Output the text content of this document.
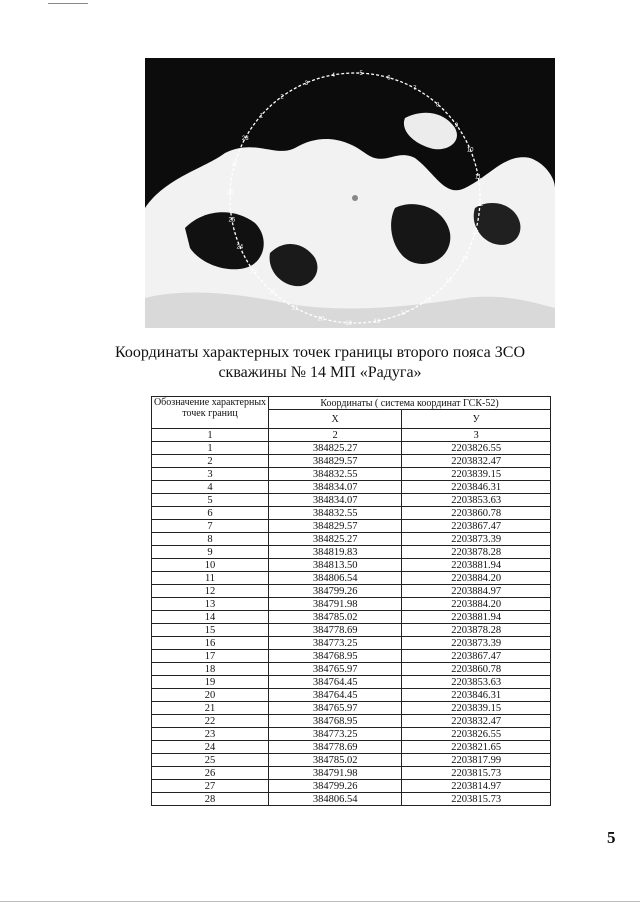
4	5
6
7
8
9
10
11
12
13
14
15
16
17
18
19
20
21
22
23
24
25
26
27
28
1
2
3
Координаты характерных точек границы второго пояса ЗСО
скважины № 14 МП «Радуга»
Обозначение характерных точек границ	Координаты ( система координат ГСК-52)	
	X	У
1	2	3
1	384825.27	2203826.55
2	384829.57	2203832.47
3	384832.55	2203839.15
4	384834.07	2203846.31
5	384834.07	2203853.63
6	384832.55	2203860.78
7	384829.57	2203867.47
8	384825.27	2203873.39
9	384819.83	2203878.28
10	384813.50	2203881.94
11	384806.54	2203884.20
12	384799.26	2203884.97
13	384791.98	2203884.20
14	384785.02	2203881.94
15	384778.69	2203878.28
16	384773.25	2203873.39
17	384768.95	2203867.47
18	384765.97	2203860.78
19	384764.45	2203853.63
20	384764.45	2203846.31
21	384765.97	2203839.15
22	384768.95	2203832.47
23	384773.25	2203826.55
24	384778.69	2203821.65
25	384785.02	2203817.99
26	384791.98	2203815.73
27	384799.26	2203814.97
28	384806.54	2203815.73
5
